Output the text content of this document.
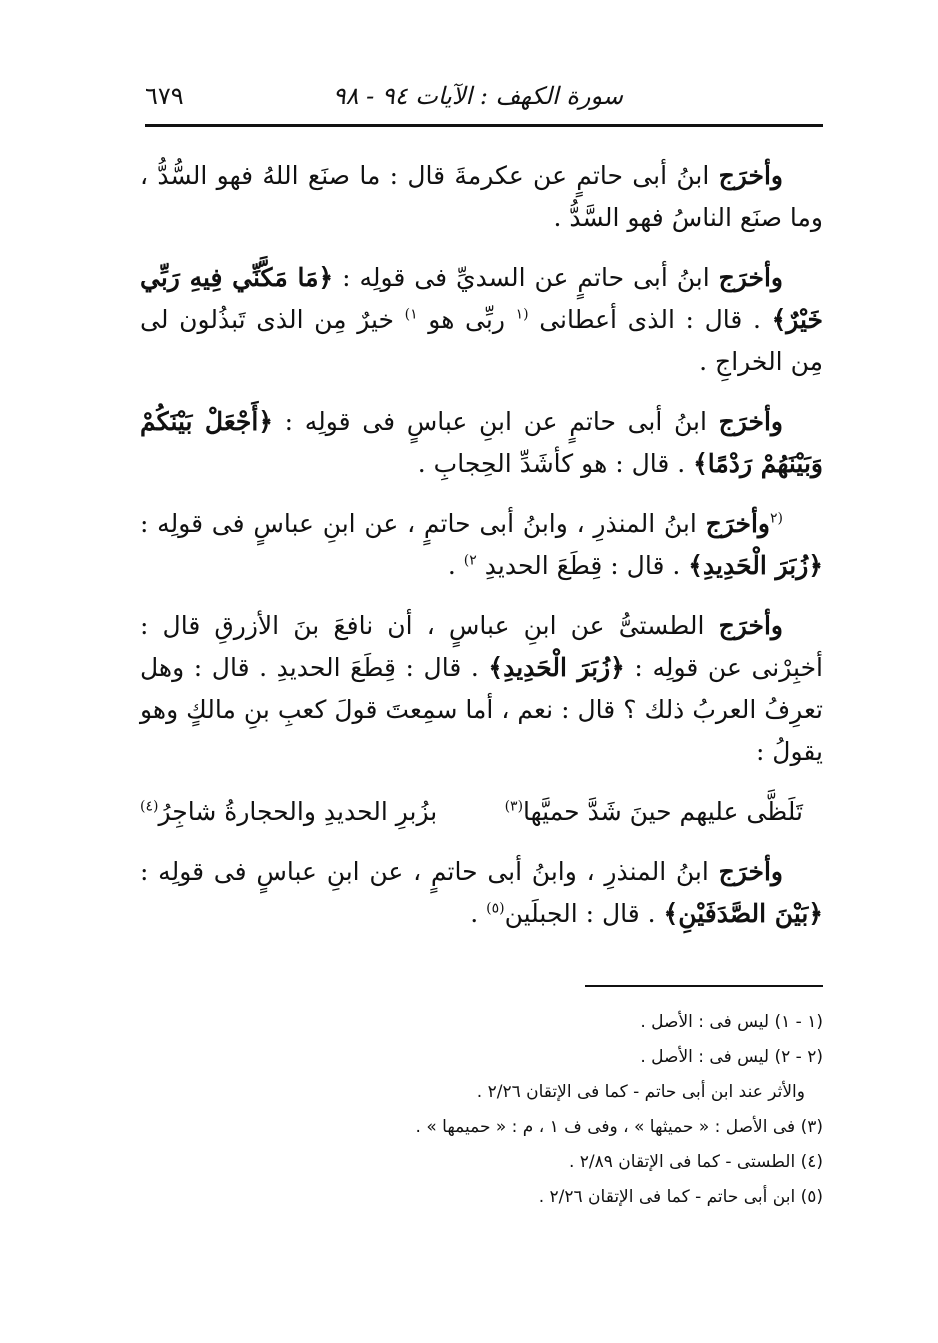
٦٧٩	سورة الكهف : الآيات ٩٤ - ٩٨

وأخرَج ابنُ أبى حاتمٍ عن عكرمةَ قال : ما صنَع اللهُ فهو السُّدُّ ، وما صنَع الناسُ فهو السَّدُّ .

وأخرَج ابنُ أبى حاتمٍ عن السديِّ فى قولِه : ﴿مَا مَكَّنِّي فِيهِ رَبِّي خَيْرٌ﴾ . قال : الذى أعطانى $^{(١}$ ربِّى هو $^{١)}$ خيرٌ مِن الذى تَبذُلون لى مِن الخراجِ .

وأخرَج ابنُ أبى حاتمٍ عن ابنِ عباسٍ فى قولِه : ﴿أَجْعَلْ بَيْنَكُمْ وَبَيْنَهُمْ رَدْمًا﴾ . قال : هو كأشَدِّ الحِجابِ .

$^{(٢}$وأخرَج ابنُ المنذرِ ، وابنُ أبى حاتمٍ ، عن ابنِ عباسٍ فى قولِه : ﴿زُبَرَ الْحَدِيدِ﴾ . قال : قِطَعَ الحديدِ $^{٢)}$ .

وأخرَج الطستىُّ عن ابنِ عباسٍ ، أن نافعَ بنَ الأزرقِ قال : أخبِرْنى عن قولِه : ﴿زُبَرَ الْحَدِيدِ﴾ . قال : قِطَعَ الحديدِ . قال : وهل تعرِفُ العربُ ذلك ؟ قال : نعم ، أما سمِعتَ قولَ كعبِ بنِ مالكٍ وهو يقولُ :

تَلَظَّى عليهم حينَ شَدَّ حميَّها$^{(٣)}$
بزُبرِ الحديدِ والحجارةُ شاجِرُ$^{(٤)}$

وأخرَج ابنُ المنذرِ ، وابنُ أبى حاتمٍ ، عن ابنِ عباسٍ فى قولِه : ﴿بَيْنَ الصَّدَفَيْنِ﴾ . قال : الجبلَين$^{(٥)}$ .

(١ - ١) ليس فى : الأصل .

(٢ - ٢) ليس فى : الأصل .

والأثر عند ابن أبى حاتم - كما فى الإتقان ٢/٢٦ .

(٣) فى الأصل : « حميثها » ، وفى ف ١ ، م : « حميمها » .

(٤) الطستى - كما فى الإتقان ٢/٨٩ .

(٥) ابن أبى حاتم - كما فى الإتقان ٢/٢٦ .
